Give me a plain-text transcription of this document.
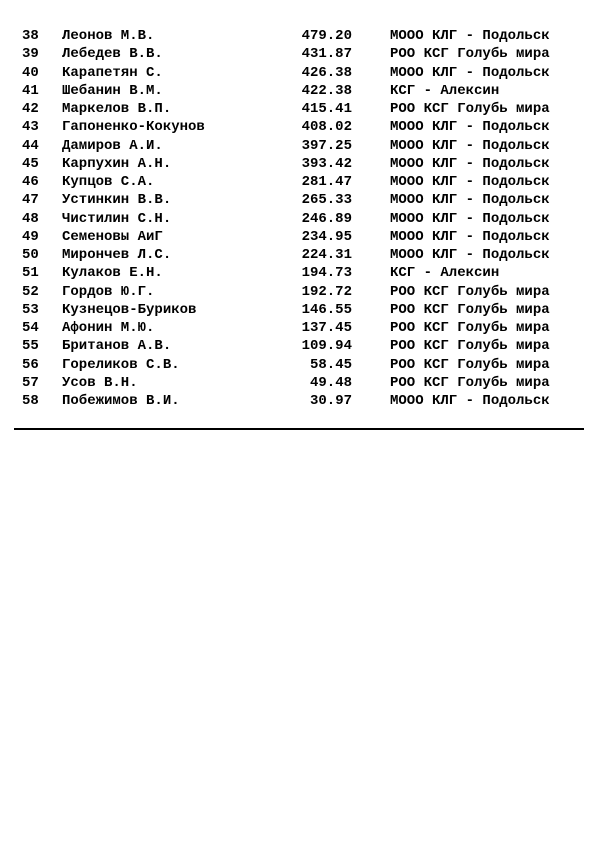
38 Леонов М.В.	479.20	МООО КЛГ - Подольск
39 Лебедев В.В.	431.87	РОО КСГ Голубь мира
40 Карапетян С.	426.38	МООО КЛГ - Подольск
41 Шебанин В.М.	422.38	КСГ - Алексин
42 Маркелов В.П.	415.41	РОО КСГ Голубь мира
43 Гапоненко-Кокунов	408.02	МООО КЛГ - Подольск
44 Дамиров А.И.	397.25	МООО КЛГ - Подольск
45 Карпухин А.Н.	393.42	МООО КЛГ - Подольск
46 Купцов С.А.	281.47	МООО КЛГ - Подольск
47 Устинкин В.В.	265.33	МООО КЛГ - Подольск
48 Чистилин С.Н.	246.89	МООО КЛГ - Подольск
49 Семеновы АиГ	234.95	МООО КЛГ - Подольск
50 Мирончев Л.С.	224.31	МООО КЛГ - Подольск
51 Кулаков Е.Н.	194.73	КСГ - Алексин
52 Гордов Ю.Г.	192.72	РОО КСГ Голубь мира
53 Кузнецов-Буриков	146.55	РОО КСГ Голубь мира
54 Афонин М.Ю.	137.45	РОО КСГ Голубь мира
55 Британов А.В.	109.94	РОО КСГ Голубь мира
56 Гореликов С.В.	58.45	РОО КСГ Голубь мира
57 Усов В.Н.	49.48	РОО КСГ Голубь мира
58 Побежимов В.И.	30.97	МООО КЛГ - Подольск
